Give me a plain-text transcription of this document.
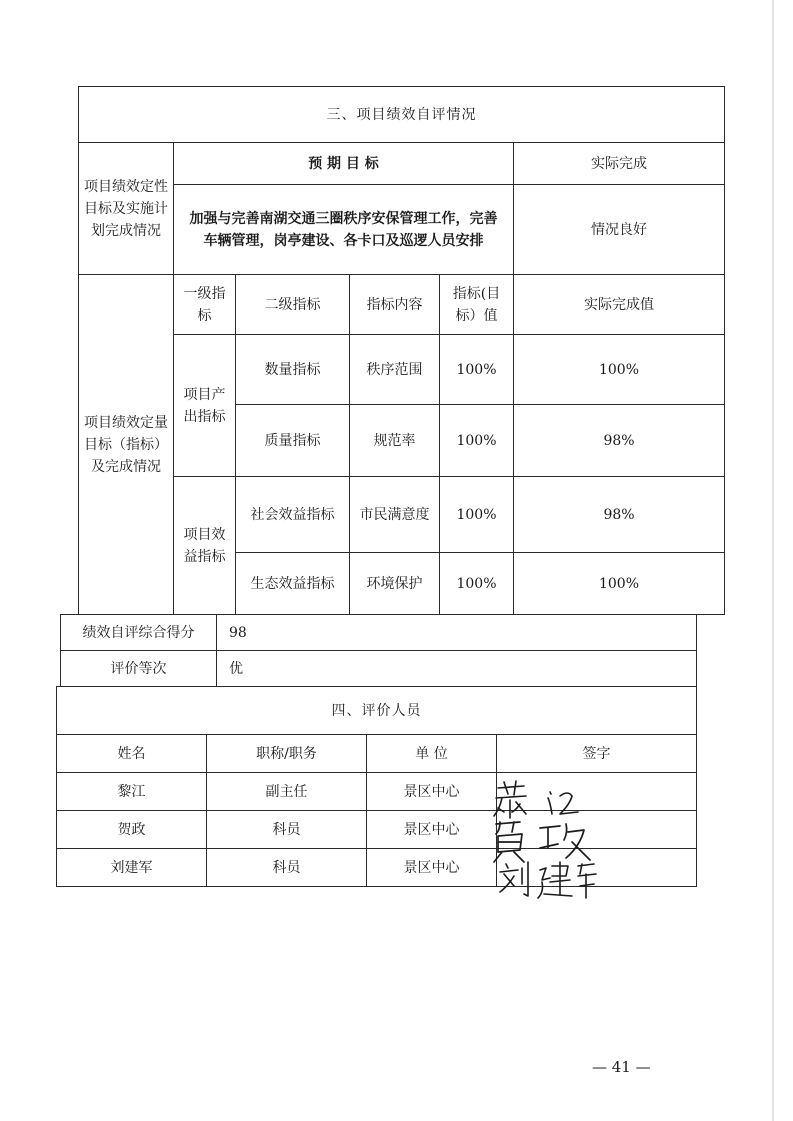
三、项目绩效自评情况					
项目绩效定性目标及实施计划完成情况	预 期 目 标				实际完成
	加强与完善南湖交通三圈秩序安保管理工作，完善车辆管理，岗亭建设、各卡口及巡逻人员安排				情况良好
项目绩效定量目标（指标）及完成情况	一级指标	二级指标	指标内容	指标(目标）值	实际完成值
	项目产出指标	数量指标	秩序范围	100%	100%
		质量指标	规范率	100%	98%
	项目效益指标	社会效益指标	市民满意度	100%	98%
		生态效益指标	环境保护	100%	100%
绩效自评综合得分	98
评价等次	优
四、评价人员			
姓名	职称/职务	单 位	签字
黎江	副主任	景区中心	
贺政	科员	景区中心	
刘建军	科员	景区中心	
— 41 —
